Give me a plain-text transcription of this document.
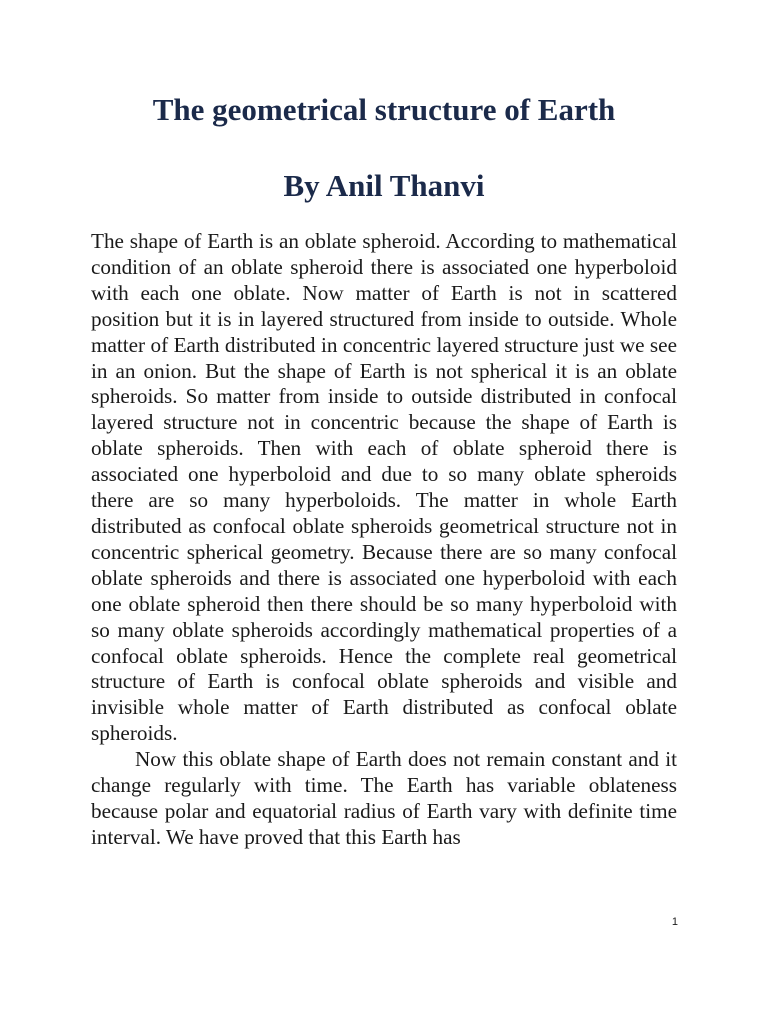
The geometrical structure of Earth
By Anil Thanvi

The shape of Earth is an oblate spheroid. According to mathematical condition of an oblate spheroid there is associated one hyperboloid with each one oblate. Now matter of Earth is not in scattered position but it is in layered structured from inside to outside. Whole matter of Earth distributed in concentric layered structure just we see in an onion. But the shape of Earth is not spherical it is an oblate spheroids. So matter from inside to outside distributed in confocal layered structure not in concentric because the shape of Earth is oblate spheroids. Then with each of oblate spheroid there is associated one hyperboloid and due to so many oblate spheroids there are so many hyperboloids. The matter in whole Earth distributed as confocal oblate spheroids geometrical structure not in concentric spherical geometry. Because there are so many confocal oblate spheroids and there is associated one hyperboloid with each one oblate spheroid then there should be so many hyperboloid with so many oblate spheroids accordingly mathematical properties of a confocal oblate spheroids. Hence the complete real geometrical structure of Earth is confocal oblate spheroids and visible and invisible whole matter of Earth distributed as confocal oblate spheroids.

Now this oblate shape of Earth does not remain constant and it change regularly with time. The Earth has variable oblateness because polar and equatorial radius of Earth vary with definite time interval. We have proved that this Earth has

1
